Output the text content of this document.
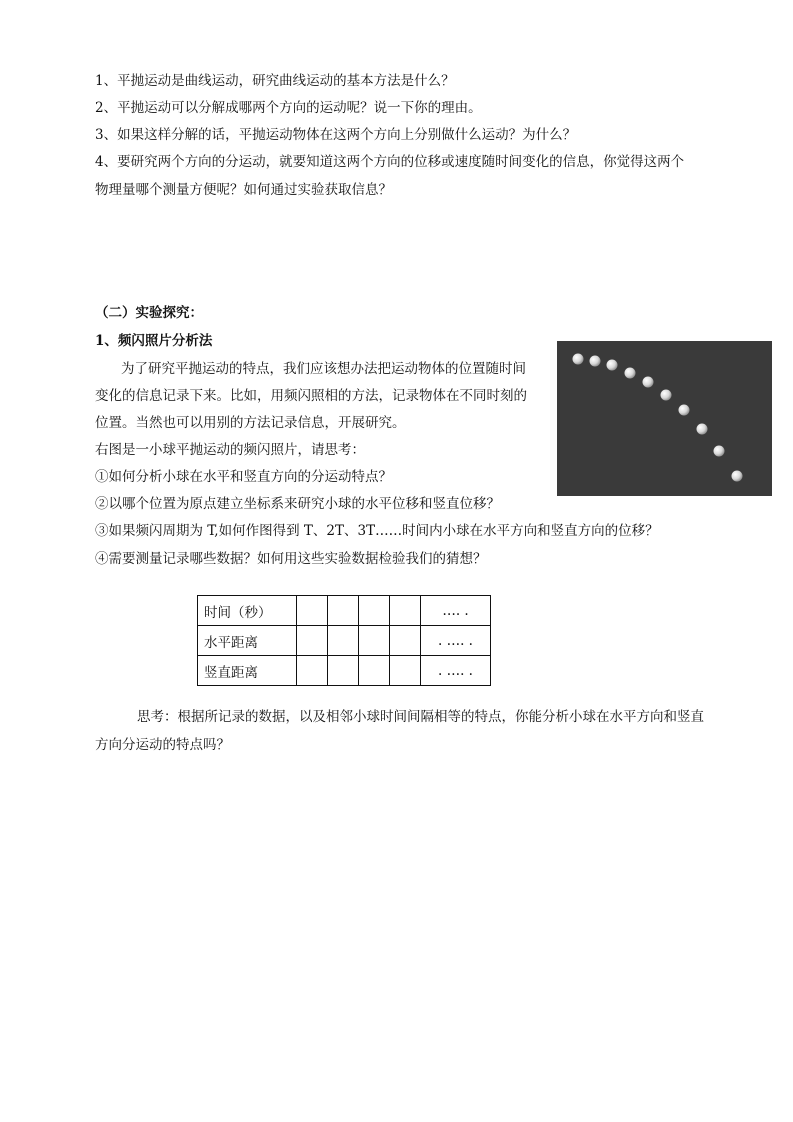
1、平抛运动是曲线运动，研究曲线运动的基本方法是什么？
2、平抛运动可以分解成哪两个方向的运动呢？说一下你的理由。
3、如果这样分解的话，平抛运动物体在这两个方向上分别做什么运动？为什么？
4、要研究两个方向的分运动，就要知道这两个方向的位移或速度随时间变化的信息，你觉得这两个
物理量哪个测量方便呢？如何通过实验获取信息？
（二）实验探究：
1、频闪照片分析法
为了研究平抛运动的特点，我们应该想办法把运动物体的位置随时间
变化的信息记录下来。比如，用频闪照相的方法，记录物体在不同时刻的
位置。当然也可以用别的方法记录信息，开展研究。
右图是一小球平抛运动的频闪照片，请思考：
①如何分析小球在水平和竖直方向的分运动特点？
②以哪个位置为原点建立坐标系来研究小球的水平位移和竖直位移？
③如果频闪周期为 T,如何作图得到 T、2T、3T……时间内小球在水平方向和竖直方向的位移？
④需要测量记录哪些数据？如何用这些实验数据检验我们的猜想？
时间（秒）					…. .
水平距离					. …. .
竖直距离					. …. .
思考：根据所记录的数据，以及相邻小球时间间隔相等的特点，你能分析小球在水平方向和竖直方向分运动的特点吗？
